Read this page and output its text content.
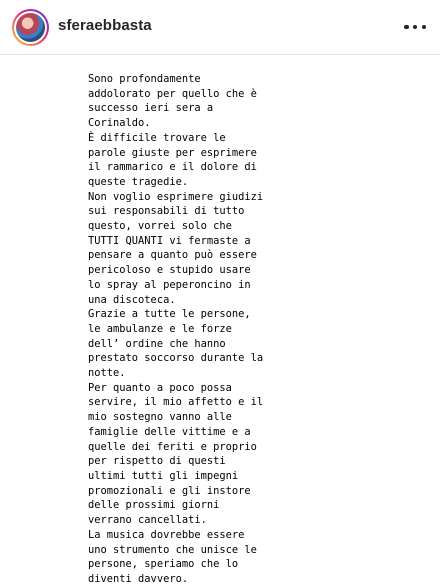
sferaebbasta
Sono profondamente
addolorato per quello che è
successo ieri sera a
Corinaldo.
È difficile trovare le
parole giuste per esprimere
il rammarico e il dolore di
queste tragedie.
Non voglio esprimere giudizi
sui responsabili di tutto
questo, vorrei solo che
TUTTI QUANTI vi fermaste a
pensare a quanto può essere
pericoloso e stupido usare
lo spray al peperoncino in
una discoteca.
Grazie a tutte le persone,
le ambulanze e le forze
dell’ ordine che hanno
prestato soccorso durante la
notte.
Per quanto a poco possa
servire, il mio affetto e il
mio sostegno vanno alle
famiglie delle vittime e a
quelle dei feriti e proprio
per rispetto di questi
ultimi tutti gli impegni
promozionali e gli instore
delle prossimi giorni
verrano cancellati.
La musica dovrebbe essere
uno strumento che unisce le
persone, speriamo che lo
diventi davvero.
